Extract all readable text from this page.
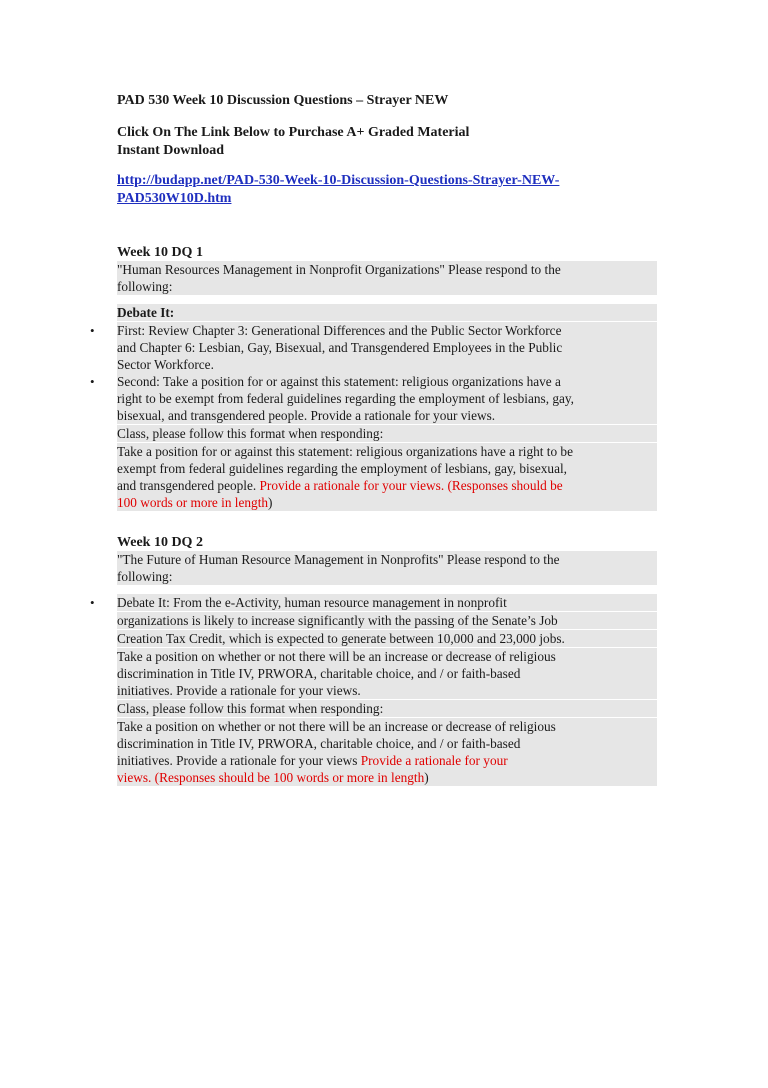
PAD 530 Week 10 Discussion Questions – Strayer NEW
Click On The Link Below to Purchase A+ Graded Material
Instant Download
http://budapp.net/PAD-530-Week-10-Discussion-Questions-Strayer-NEW-
PAD530W10D.htm
Week 10 DQ 1
"Human Resources Management in Nonprofit Organizations" Please respond to the
following:
Debate It:
• First: Review Chapter 3: Generational Differences and the Public Sector Workforce
and Chapter 6: Lesbian, Gay, Bisexual, and Transgendered Employees in the Public
Sector Workforce.
• Second: Take a position for or against this statement: religious organizations have a
right to be exempt from federal guidelines regarding the employment of lesbians, gay,
bisexual, and transgendered people. Provide a rationale for your views.
Class, please follow this format when responding:
Take a position for or against this statement: religious organizations have a right to be
exempt from federal guidelines regarding the employment of lesbians, gay, bisexual,
and transgendered people. Provide a rationale for your views. (Responses should be
100 words or more in length)
Week 10 DQ 2
"The Future of Human Resource Management in Nonprofits" Please respond to the
following:
• Debate It: From the e-Activity, human resource management in nonprofit
organizations is likely to increase significantly with the passing of the Senate’s Job
Creation Tax Credit, which is expected to generate between 10,000 and 23,000 jobs.
Take a position on whether or not there will be an increase or decrease of religious
discrimination in Title IV, PRWORA, charitable choice, and / or faith-based
initiatives. Provide a rationale for your views.
Class, please follow this format when responding:
Take a position on whether or not there will be an increase or decrease of religious
discrimination in Title IV, PRWORA, charitable choice, and / or faith-based
initiatives. Provide a rationale for your views Provide a rationale for your
views. (Responses should be 100 words or more in length)
